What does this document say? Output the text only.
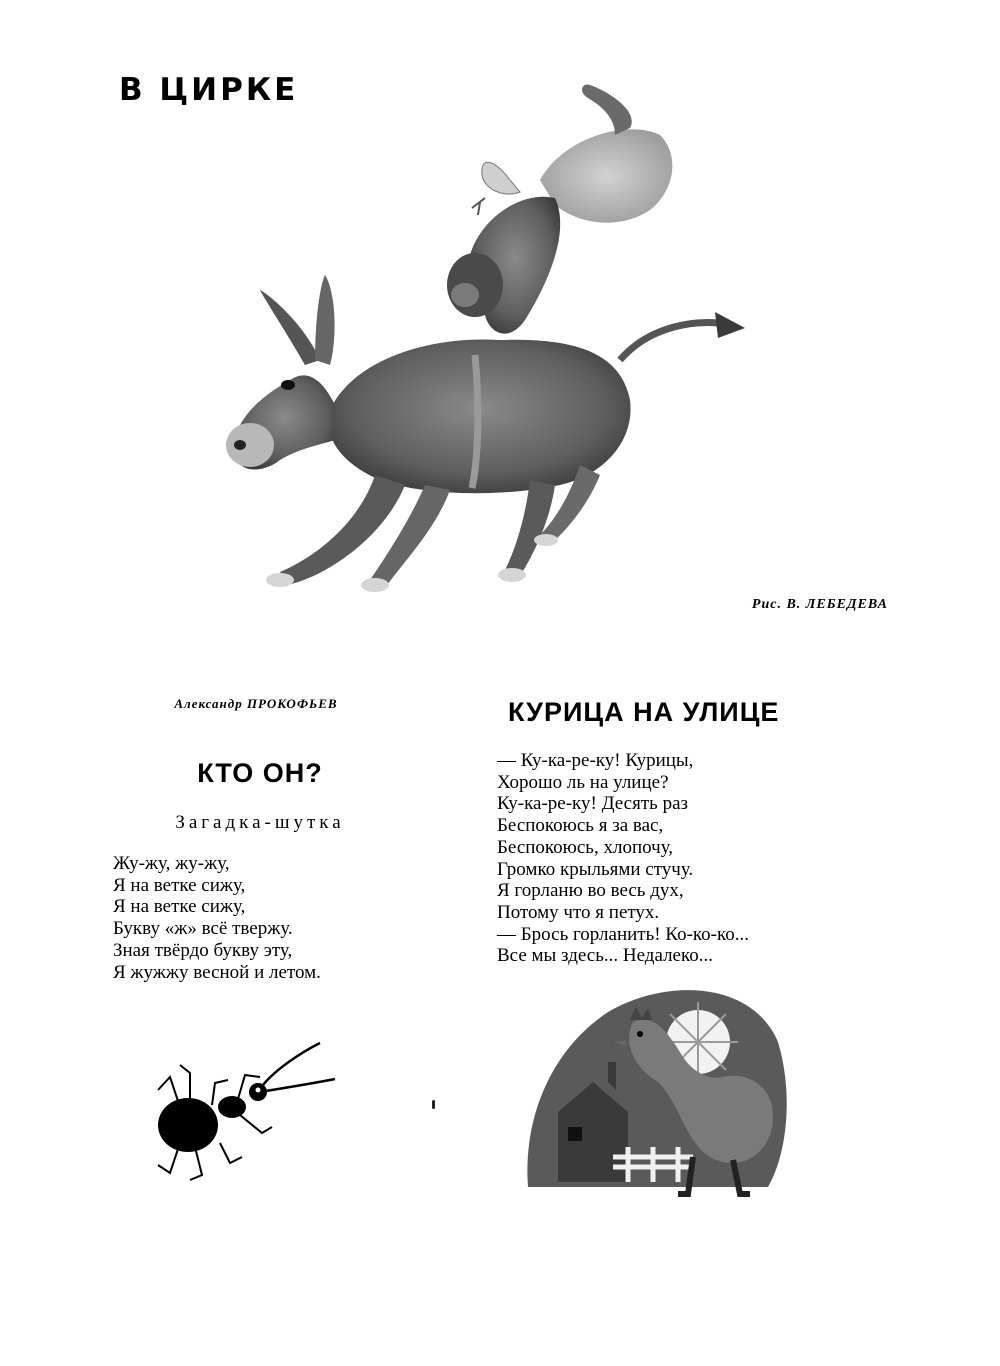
В ЦИРКЕ
Рис. В. ЛЕБЕДЕВА
Александр ПРОКОФЬЕВ
КТО ОН?
Загадка-шутка
Жу-жу, жу-жу,
Я на ветке сижу,
Я на ветке сижу,
Букву «ж» всё твержу.
Зная твёрдо букву эту,
Я жужжу весной и летом.
КУРИЦА НА УЛИЦЕ
— Ку-ка-ре-ку! Курицы,
Хорошо ль на улице?
Ку-ка-ре-ку! Десять раз
Беспокоюсь я за вас,
Беспокоюсь, хлопочу,
Громко крыльями стучу.
Я горланю во весь дух,
Потому что я петух.
— Брось горланить! Ко-ко-ко...
Все мы здесь... Недалеко...
